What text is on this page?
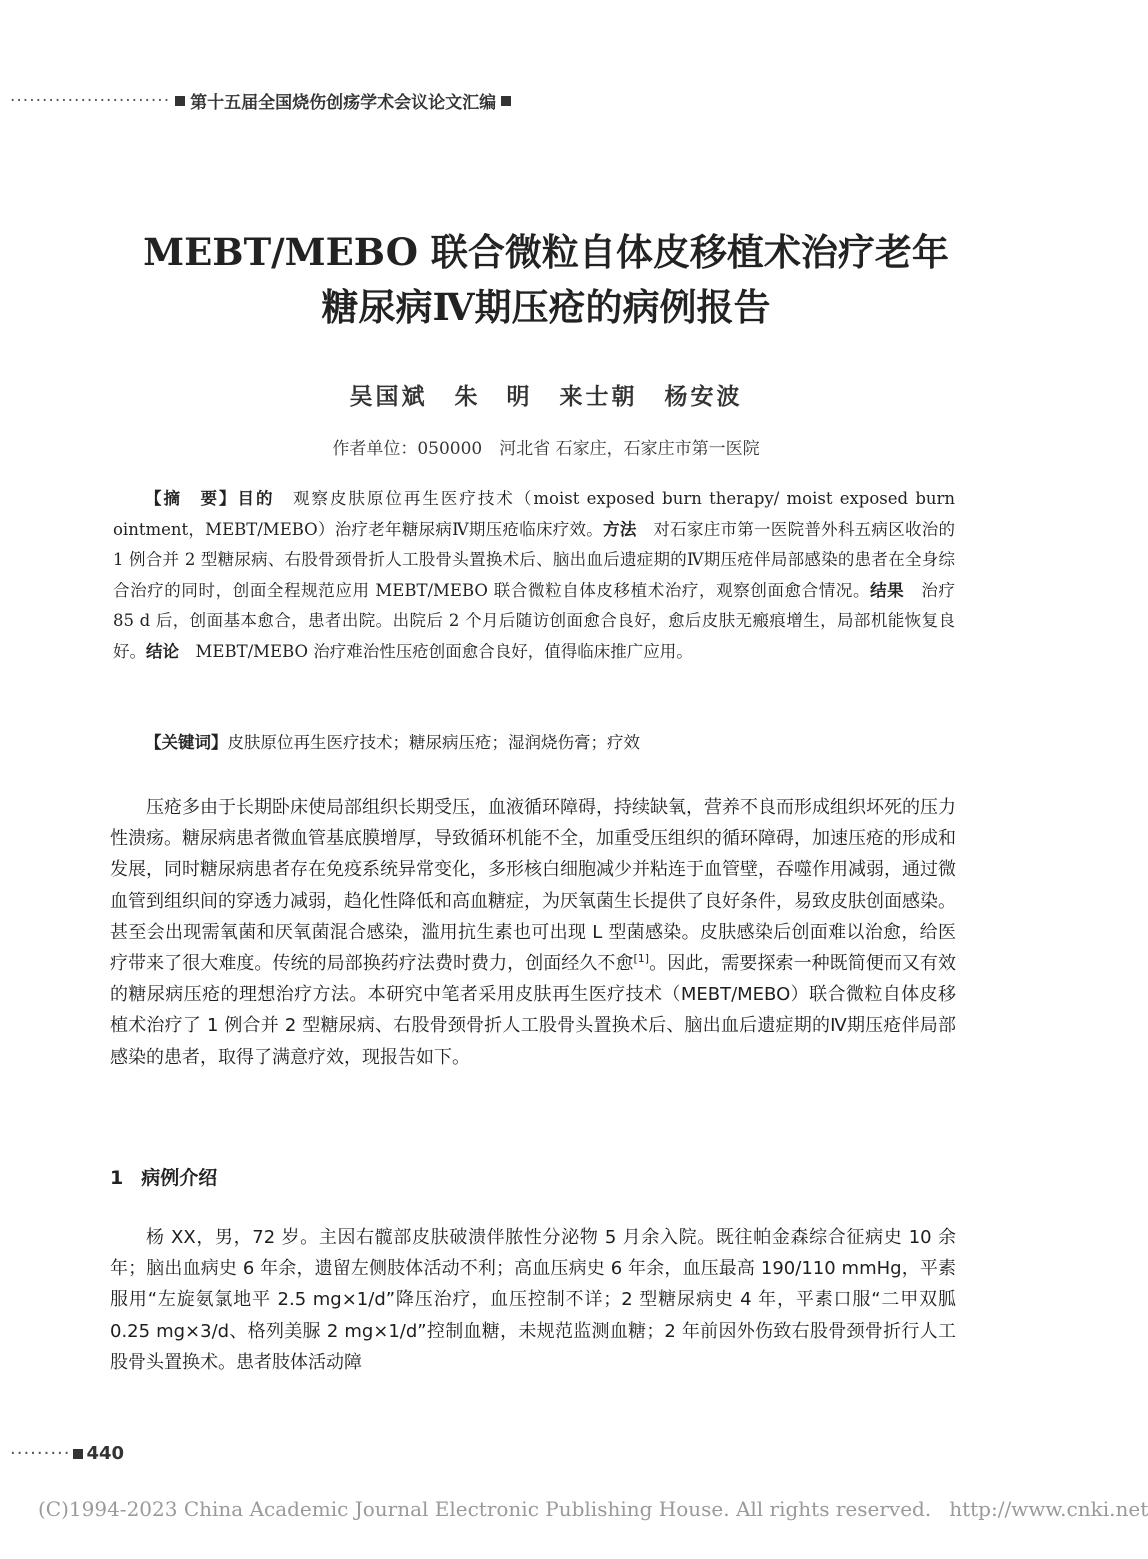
························· 第十五届全国烧伤创疡学术会议论文汇编
MEBT/MEBO 联合微粒自体皮移植术治疗老年
糖尿病Ⅳ期压疮的病例报告
吴国斌 朱　明 来士朝 杨安波
作者单位：050000　河北省 石家庄，石家庄市第一医院

【摘　要】目的　 观察皮肤原位再生医疗技术（moist exposed burn therapy/ moist exposed burn ointment，MEBT/MEBO）治疗老年糖尿病Ⅳ期压疮临床疗效。方法　 对石家庄市第一医院普外科五病区收治的 1 例合并 2 型糖尿病、右股骨颈骨折人工股骨头置换术后、脑出血后遗症期的Ⅳ期压疮伴局部感染的患者在全身综合治疗的同时，创面全程规范应用 MEBT/MEBO 联合微粒自体皮移植术治疗，观察创面愈合情况。结果　 治疗 85 d 后，创面基本愈合，患者出院。出院后 2 个月后随访创面愈合良好，愈后皮肤无瘢痕增生，局部机能恢复良好。结论　 MEBT/MEBO 治疗难治性压疮创面愈合良好，值得临床推广应用。

【关键词】皮肤原位再生医疗技术；糖尿病压疮；湿润烧伤膏；疗效

压疮多由于长期卧床使局部组织长期受压，血液循环障碍，持续缺氧，营养不良而形成组织坏死的压力性溃疡。糖尿病患者微血管基底膜增厚，导致循环机能不全，加重受压组织的循环障碍，加速压疮的形成和发展，同时糖尿病患者存在免疫系统异常变化，多形核白细胞减少并粘连于血管壁，吞噬作用减弱，通过微血管到组织间的穿透力减弱，趋化性降低和高血糖症，为厌氧菌生长提供了良好条件，易致皮肤创面感染。甚至会出现需氧菌和厌氧菌混合感染，滥用抗生素也可出现 L 型菌感染。皮肤感染后创面难以治愈，给医疗带来了很大难度。传统的局部换药疗法费时费力，创面经久不愈[1]。因此，需要探索一种既简便而又有效的糖尿病压疮的理想治疗方法。本研究中笔者采用皮肤再生医疗技术（MEBT/MEBO）联合微粒自体皮移植术治疗了 1 例合并 2 型糖尿病、右股骨颈骨折人工股骨头置换术后、脑出血后遗症期的Ⅳ期压疮伴局部感染的患者，取得了满意疗效，现报告如下。

1 病例介绍

杨 XX，男，72 岁。主因右髋部皮肤破溃伴脓性分泌物 5 月余入院。既往帕金森综合征病史 10 余年；脑出血病史 6 年余，遗留左侧肢体活动不利；高血压病史 6 年余，血压最高 190/110 mmHg，平素服用“左旋氨氯地平 2.5 mg×1/d”降压治疗，血压控制不详；2 型糖尿病史 4 年，平素口服“二甲双胍 0.25 mg×3/d、格列美脲 2 mg×1/d”控制血糖，未规范监测血糖；2 年前因外伤致右股骨颈骨折行人工股骨头置换术。患者肢体活动障

········· 440
(C)1994-2023 China Academic Journal Electronic Publishing House. All rights reserved. http://www.cnki.net
